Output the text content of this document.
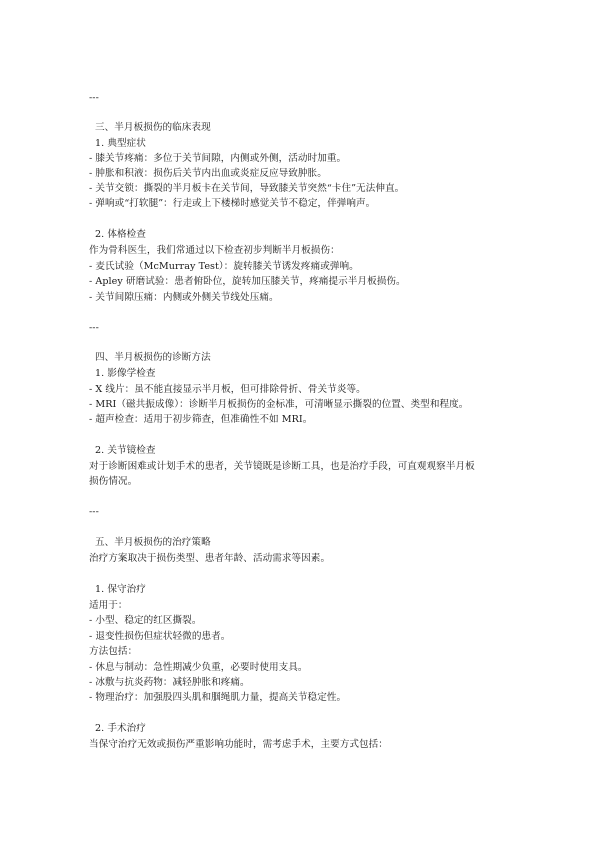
---
三、半月板损伤的临床表现
1. 典型症状
- 膝关节疼痛：多位于关节间隙，内侧或外侧，活动时加重。
- 肿胀和积液：损伤后关节内出血或炎症反应导致肿胀。
- 关节交锁：撕裂的半月板卡在关节间，导致膝关节突然“卡住”无法伸直。
- 弹响或“打软腿”：行走或上下楼梯时感觉关节不稳定，伴弹响声。
2. 体格检查
作为骨科医生，我们常通过以下检查初步判断半月板损伤：
- 麦氏试验（McMurray Test）：旋转膝关节诱发疼痛或弹响。
- Apley 研磨试验：患者俯卧位，旋转加压膝关节，疼痛提示半月板损伤。
- 关节间隙压痛：内侧或外侧关节线处压痛。
---
四、半月板损伤的诊断方法
1. 影像学检查
- X 线片：虽不能直接显示半月板，但可排除骨折、骨关节炎等。
- MRI（磁共振成像）：诊断半月板损伤的金标准，可清晰显示撕裂的位置、类型和程度。
- 超声检查：适用于初步筛查，但准确性不如 MRI。
2. 关节镜检查
对于诊断困难或计划手术的患者，关节镜既是诊断工具，也是治疗手段，可直观观察半月板
损伤情况。
---
五、半月板损伤的治疗策略
治疗方案取决于损伤类型、患者年龄、活动需求等因素。
1. 保守治疗
适用于：
- 小型、稳定的红区撕裂。
- 退变性损伤但症状轻微的患者。
方法包括：
- 休息与制动：急性期减少负重，必要时使用支具。
- 冰敷与抗炎药物：减轻肿胀和疼痛。
- 物理治疗：加强股四头肌和腘绳肌力量，提高关节稳定性。
2. 手术治疗
当保守治疗无效或损伤严重影响功能时，需考虑手术，主要方式包括：
